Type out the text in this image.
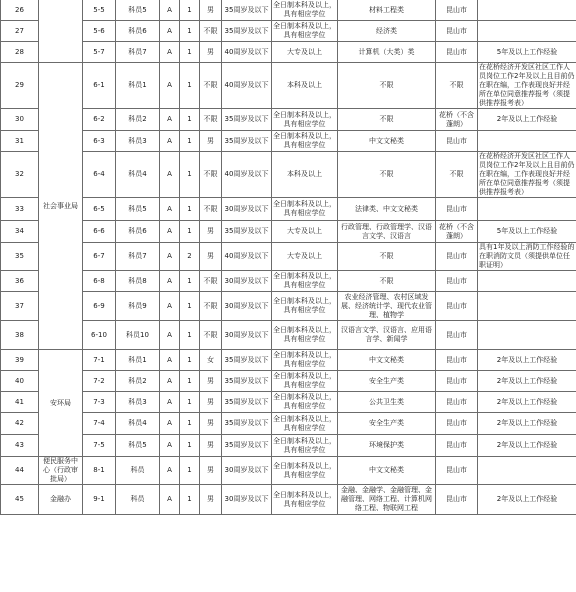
26		5-5	科员5	A	1	男	35周岁及以下	全日制本科及以上，具有相应学位	材料工程类	昆山市	
27		5-6	科员6	A	1	不限	35周岁及以下	全日制本科及以上，具有相应学位	经济类	昆山市	
28		5-7	科员7	A	1	男	40周岁及以下	大专及以上	计算机（大类）类	昆山市	5年及以上工作经验
29	社会事业局	6-1	科员1	A	1	不限	40周岁及以下	本科及以上	不限	不限	在花桥经济开发区社区工作人员岗位工作2年及以上且目前仍在职在编，工作表现良好并经所在单位同意推荐报考（须提供推荐报考表）
30		6-2	科员2	A	1	不限	35周岁及以下	全日制本科及以上，具有相应学位	不限	花桥（不含蓬朗）	2年及以上工作经验
31		6-3	科员3	A	1	男	35周岁及以下	全日制本科及以上，具有相应学位	中文文秘类	昆山市	
32		6-4	科员4	A	1	不限	40周岁及以下	本科及以上	不限	不限	在花桥经济开发区社区工作人员岗位工作2年及以上且目前仍在职在编，工作表现良好并经所在单位同意推荐报考（须提供推荐报考表）
33		6-5	科员5	A	1	不限	30周岁及以下	全日制本科及以上，具有相应学位	法律类、中文文秘类	昆山市	
34		6-6	科员6	A	1	男	35周岁及以下	大专及以上	行政管理、行政管理学、汉语言文学、汉语言	花桥（不含蓬朗）	5年及以上工作经验
35		6-7	科员7	A	2	男	40周岁及以下	大专及以上	不限	昆山市	具有1年及以上消防工作经验的在职消防文员（须提供单位任职证明）
36		6-8	科员8	A	1	不限	30周岁及以下	全日制本科及以上，具有相应学位	不限	昆山市	
37		6-9	科员9	A	1	不限	30周岁及以下	全日制本科及以上，具有相应学位	农业经济管理、农村区域发展、经济统计学、现代农业管理、植物学	昆山市	
38		6-10	科员10	A	1	不限	30周岁及以下	全日制本科及以上，具有相应学位	汉语言文学、汉语言、应用语言学、新闻学	昆山市	
39	安环局	7-1	科员1	A	1	女	35周岁及以下	全日制本科及以上，具有相应学位	中文文秘类	昆山市	2年及以上工作经验
40		7-2	科员2	A	1	男	35周岁及以下	全日制本科及以上，具有相应学位	安全生产类	昆山市	2年及以上工作经验
41		7-3	科员3	A	1	男	35周岁及以下	全日制本科及以上，具有相应学位	公共卫生类	昆山市	2年及以上工作经验
42		7-4	科员4	A	1	男	35周岁及以下	全日制本科及以上，具有相应学位	安全生产类	昆山市	2年及以上工作经验
43		7-5	科员5	A	1	男	35周岁及以下	全日制本科及以上，具有相应学位	环境保护类	昆山市	2年及以上工作经验
44	便民服务中心（行政审批局）	8-1	科员	A	1	男	30周岁及以下	全日制本科及以上，具有相应学位	中文文秘类	昆山市	
45	金融办	9-1	科员	A	1	男	30周岁及以下	全日制本科及以上，具有相应学位	金融、金融学、金融管理、金融管理、网络工程、计算机网络工程、物联网工程	昆山市	2年及以上工作经验
